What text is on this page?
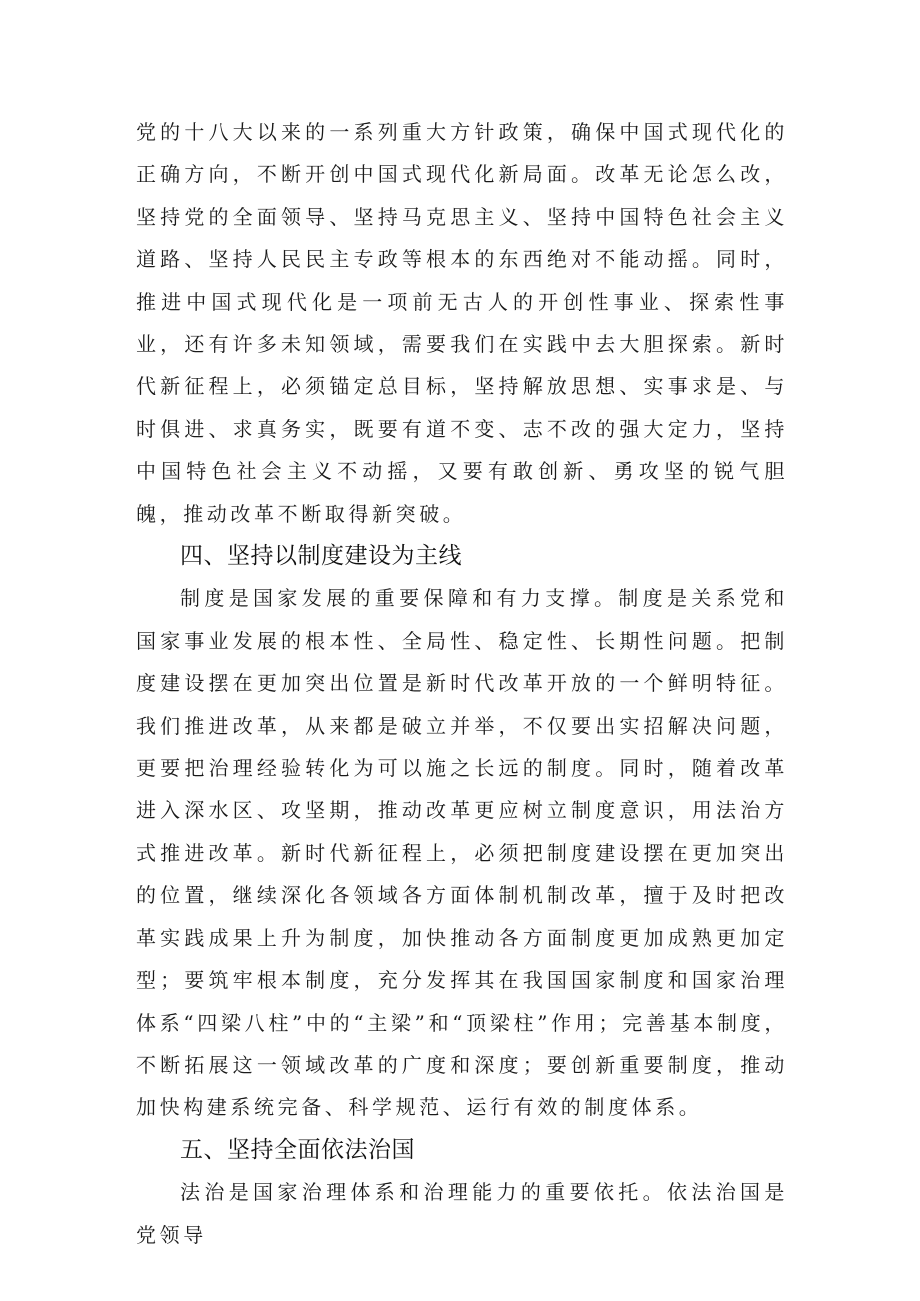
党的十八大以来的一系列重大方针政策，确保中国式现代化的正确方向，不断开创中国式现代化新局面。改革无论怎么改，坚持党的全面领导、坚持马克思主义、坚持中国特色社会主义道路、坚持人民民主专政等根本的东西绝对不能动摇。同时，推进中国式现代化是一项前无古人的开创性事业、探索性事业，还有许多未知领域，需要我们在实践中去大胆探索。新时代新征程上，必须锚定总目标，坚持解放思想、实事求是、与时俱进、求真务实，既要有道不变、志不改的强大定力，坚持中国特色社会主义不动摇，又要有敢创新、勇攻坚的锐气胆魄，推动改革不断取得新突破。

四、坚持以制度建设为主线

制度是国家发展的重要保障和有力支撑。制度是关系党和国家事业发展的根本性、全局性、稳定性、长期性问题。把制度建设摆在更加突出位置是新时代改革开放的一个鲜明特征。我们推进改革，从来都是破立并举，不仅要出实招解决问题，更要把治理经验转化为可以施之长远的制度。同时，随着改革进入深水区、攻坚期，推动改革更应树立制度意识，用法治方式推进改革。新时代新征程上，必须把制度建设摆在更加突出的位置，继续深化各领域各方面体制机制改革，擅于及时把改革实践成果上升为制度，加快推动各方面制度更加成熟更加定型；要筑牢根本制度，充分发挥其在我国国家制度和国家治理体系“四梁八柱”中的“主梁”和“顶梁柱”作用；完善基本制度，不断拓展这一领域改革的广度和深度；要创新重要制度，推动加快构建系统完备、科学规范、运行有效的制度体系。

五、坚持全面依法治国

法治是国家治理体系和治理能力的重要依托。依法治国是党领导
